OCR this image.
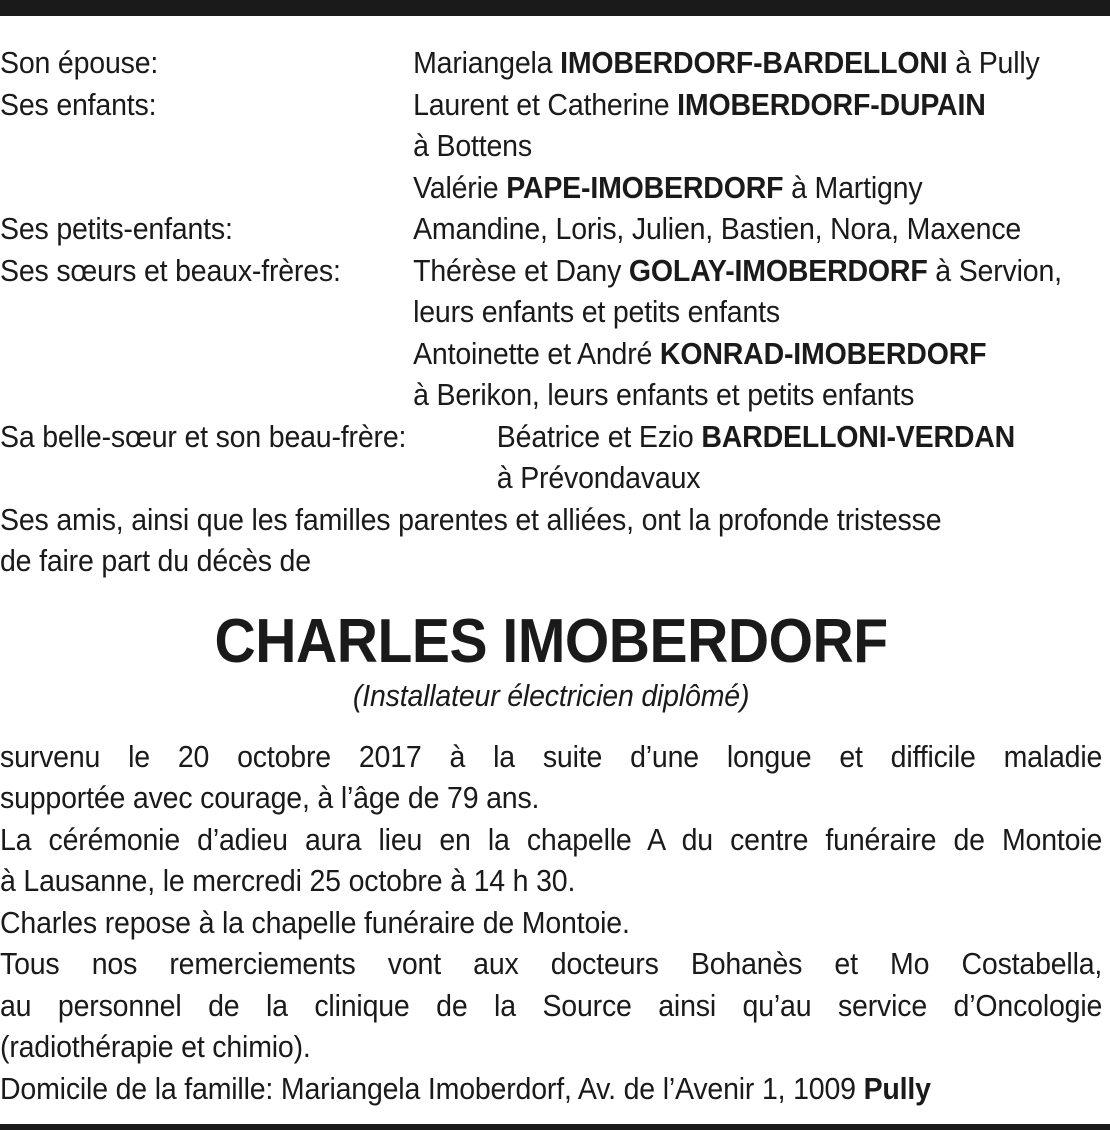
Son épouse:	Mariangela IMOBERDORF-BARDELLONI à Pully
Ses enfants:	Laurent et Catherine IMOBERDORF-DUPAIN
à Bottens
Valérie PAPE-IMOBERDORF à Martigny
Ses petits-enfants:	Amandine, Loris, Julien, Bastien, Nora, Maxence
Ses sœurs et beaux-frères:	Thérèse et Dany GOLAY-IMOBERDORF à Servion,
leurs enfants et petits enfants
Antoinette et André KONRAD-IMOBERDORF
à Berikon, leurs enfants et petits enfants
Sa belle-sœur et son beau-frère:	Béatrice et Ezio BARDELLONI-VERDAN
à Prévondavaux
Ses amis, ainsi que les familles parentes et alliées, ont la profonde tristesse
de faire part du décès de
CHARLES IMOBERDORF
(Installateur électricien diplômé)
survenu le 20 octobre 2017 à la suite d’une longue et difficile maladie
supportée avec courage, à l’âge de 79 ans.
La cérémonie d’adieu aura lieu en la chapelle A du centre funéraire de Montoie
à Lausanne, le mercredi 25 octobre à 14 h 30.
Charles repose à la chapelle funéraire de Montoie.
Tous nos remerciements vont aux docteurs Bohanès et Mo Costabella,
au personnel de la clinique de la Source ainsi qu’au service d’Oncologie
(radiothérapie et chimio).
Domicile de la famille: Mariangela Imoberdorf, Av. de l’Avenir 1, 1009 Pully
